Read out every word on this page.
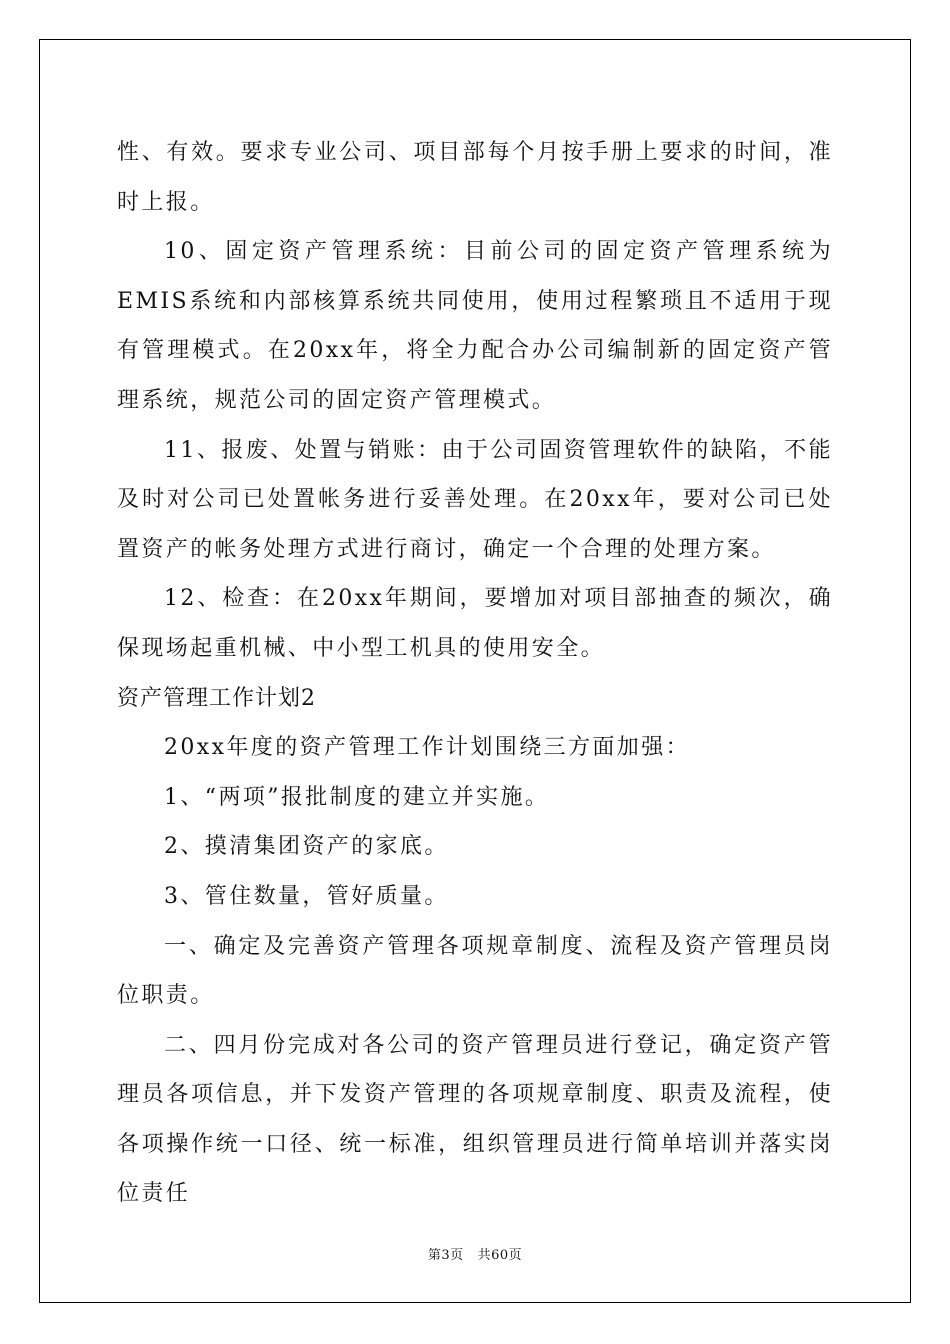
性、有效。要求专业公司、项目部每个月按手册上要求的时间，准时上报。

10、固定资产管理系统：目前公司的固定资产管理系统为EMIS系统和内部核算系统共同使用，使用过程繁琐且不适用于现有管理模式。在20xx年，将全力配合办公司编制新的固定资产管理系统，规范公司的固定资产管理模式。

11、报废、处置与销账：由于公司固资管理软件的缺陷，不能及时对公司已处置帐务进行妥善处理。在20xx年，要对公司已处置资产的帐务处理方式进行商讨，确定一个合理的处理方案。

12、检查：在20xx年期间，要增加对项目部抽查的频次，确保现场起重机械、中小型工机具的使用安全。

资产管理工作计划2

20xx年度的资产管理工作计划围绕三方面加强：

1、“两项”报批制度的建立并实施。

2、摸清集团资产的家底。

3、管住数量，管好质量。

一、确定及完善资产管理各项规章制度、流程及资产管理员岗位职责。

二、四月份完成对各公司的资产管理员进行登记，确定资产管理员各项信息，并下发资产管理的各项规章制度、职责及流程，使各项操作统一口径、统一标准，组织管理员进行简单培训并落实岗位责任

第3页 共60页
